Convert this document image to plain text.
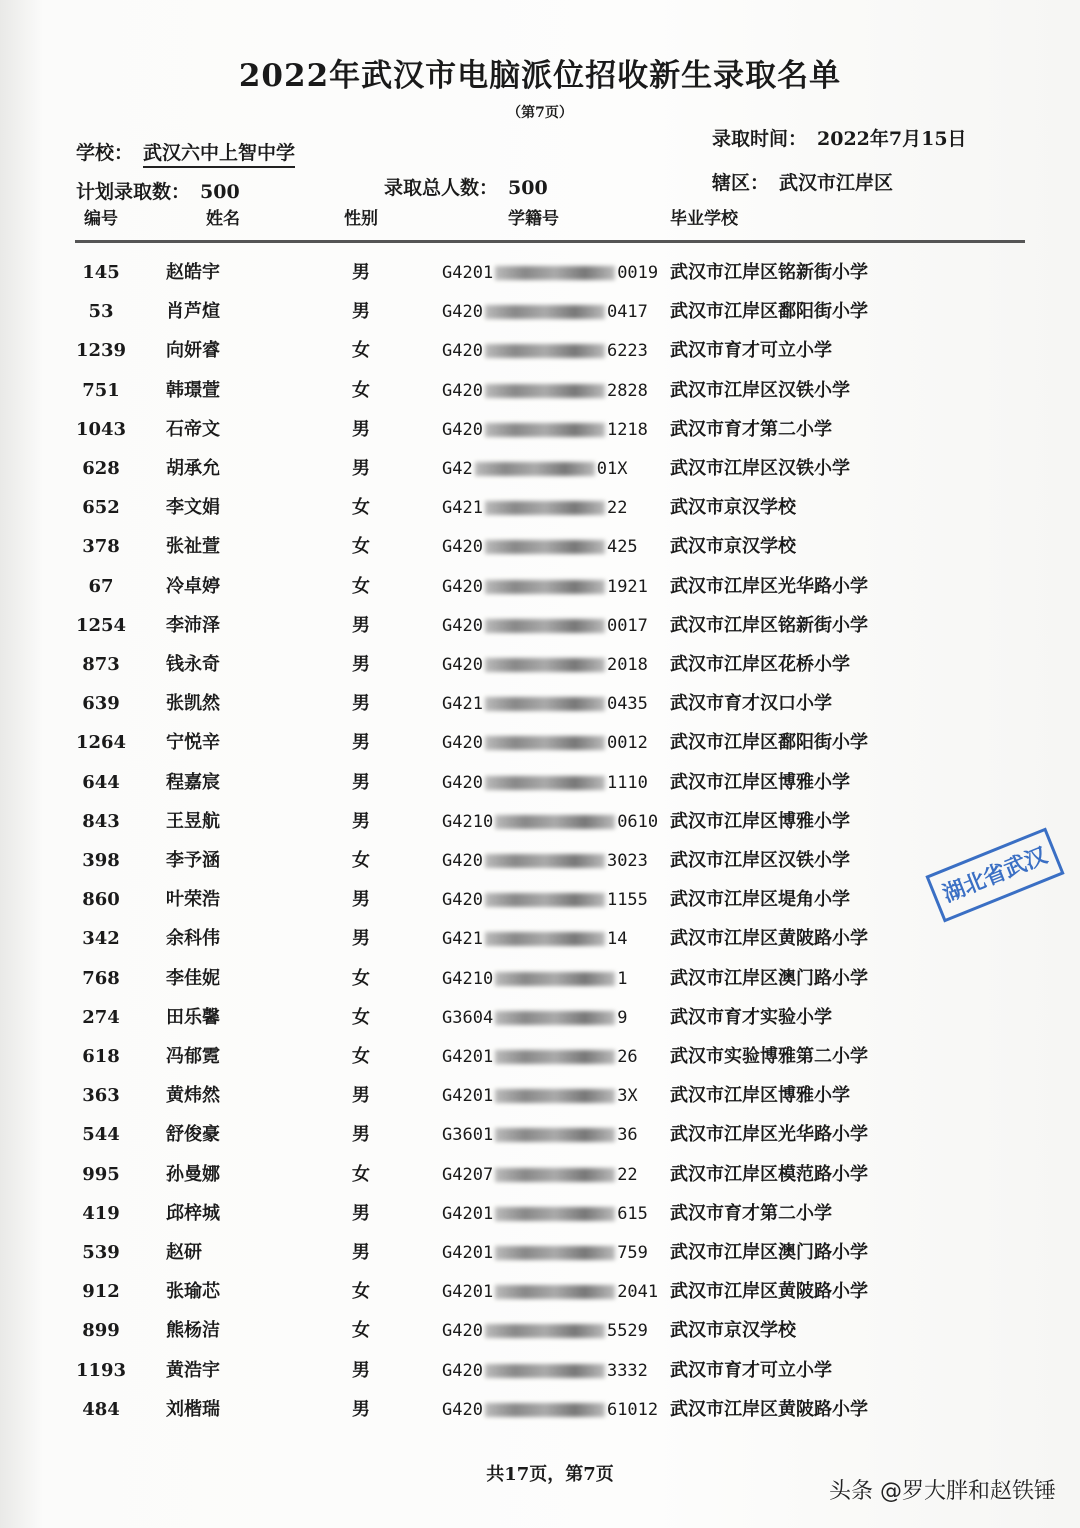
2022年武汉市电脑派位招收新生录取名单
（第7页）
学校： 武汉六中上智中学
录取时间： 2022年7月15日
计划录取数： 500	录取总人数： 500	辖区： 武汉市江岸区
编号	姓名	性别	学籍号	毕业学校
145	赵皓宇	男	G4201	0019 武汉市江岸区铭新街小学
53	肖芦煊	男	G420	0417 武汉市江岸区鄱阳街小学
1239	向妍睿	女	G420	6223 武汉市育才可立小学
751	韩璟萱	女	G420	2828 武汉市江岸区汉铁小学
1043	石帝文	男	G420	1218 武汉市育才第二小学
628	胡承允	男	G42	01X 武汉市江岸区汉铁小学
652	李文娟	女	G421	22 武汉市京汉学校
378	张祉萱	女	G420	425 武汉市京汉学校
67	冷卓婷	女	G420	1921 武汉市江岸区光华路小学
1254	李沛泽	男	G420	0017 武汉市江岸区铭新街小学
873	钱永奇	男	G420	2018 武汉市江岸区花桥小学
639	张凯然	男	G421	0435 武汉市育才汉口小学
1264	宁悦辛	男	G420	0012 武汉市江岸区鄱阳街小学
644	程嘉宸	男	G420	1110 武汉市江岸区博雅小学
843	王昱航	男	G4210	0610 武汉市江岸区博雅小学
398	李予涵	女	G420	3023 武汉市江岸区汉铁小学
860	叶荣浩	男	G420	1155 武汉市江岸区堤角小学
342	余科伟	男	G421	14 武汉市江岸区黄陂路小学
768	李佳妮	女	G4210	1 武汉市江岸区澳门路小学
274	田乐馨	女	G3604	9 武汉市育才实验小学
618	冯郁霓	女	G4201	26 武汉市实验博雅第二小学
363	黄炜然	男	G4201	3X 武汉市江岸区博雅小学
544	舒俊豪	男	G3601	36 武汉市江岸区光华路小学
995	孙曼娜	女	G4207	22 武汉市江岸区模范路小学
419	邱梓城	男	G4201	615 武汉市育才第二小学
539	赵研	男	G4201	759 武汉市江岸区澳门路小学
912	张瑜芯	女	G4201	2041 武汉市江岸区黄陂路小学
899	熊杨洁	女	G420	5529 武汉市京汉学校
1193	黄浩宇	男	G420	3332 武汉市育才可立小学
484	刘楷瑞	男	G420	61012 武汉市江岸区黄陂路小学
湖北省武汉
共17页，第7页
头条 @罗大胖和赵铁锤
